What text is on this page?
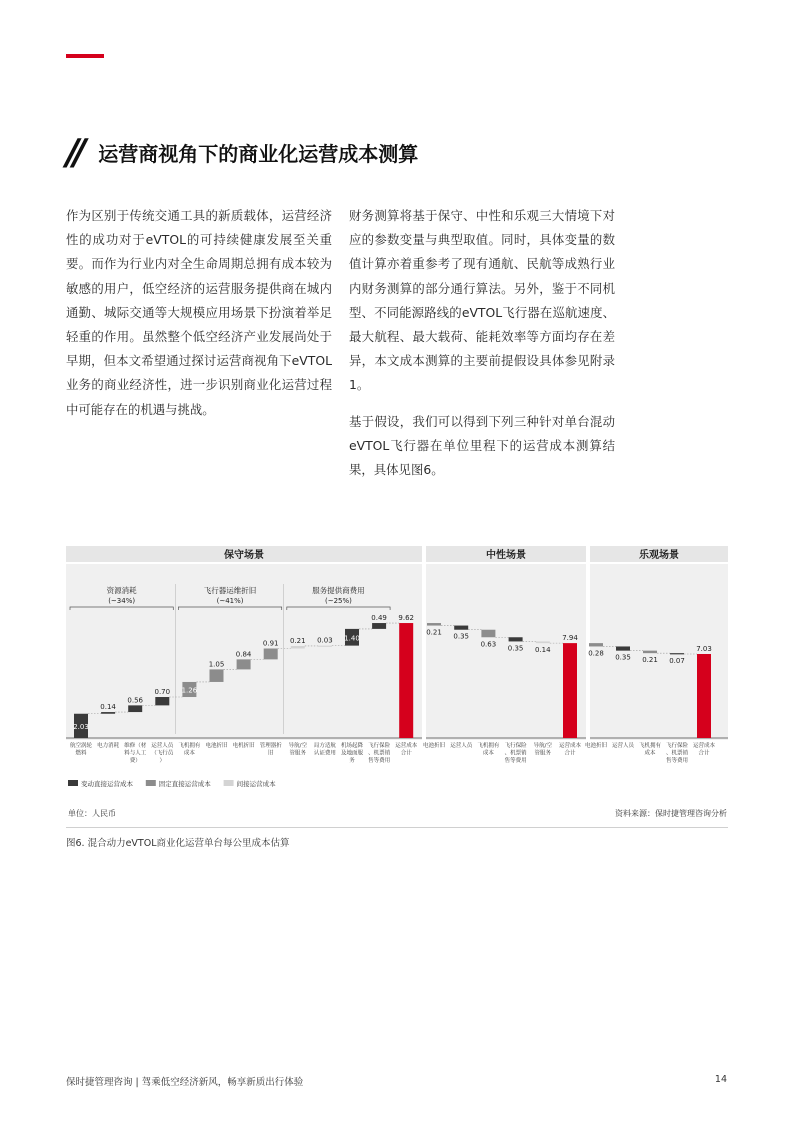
// 运营商视角下的商业化运营成本测算

作为区别于传统交通工具的新质载体，运营经济性的成功对于eVTOL的可持续健康发展至关重要。而作为行业内对全生命周期总拥有成本较为敏感的用户，低空经济的运营服务提供商在城内通勤、城际交通等大规模应用场景下扮演着举足轻重的作用。虽然整个低空经济产业发展尚处于早期，但本文希望通过探讨运营商视角下eVTOL业务的商业经济性，进一步识别商业化运营过程中可能存在的机遇与挑战。

财务测算将基于保守、中性和乐观三大情境下对应的参数变量与典型取值。同时，具体变量的数值计算亦着重参考了现有通航、民航等成熟行业内财务测算的部分通行算法。另外，鉴于不同机型、不同能源路线的eVTOL飞行器在巡航速度、最大航程、最大载荷、能耗效率等方面均存在差异，本文成本测算的主要前提假设具体参见附录1。

基于假设，我们可以得到下列三种针对单台混动eVTOL飞行器在单位里程下的运营成本测算结果，具体见图6。

保守场景
2.03
航空涡轮
燃料
0.14
电力消耗
0.56
维修（材
料与人工
费）
0.70
运营人员
（飞行员
）
1.26
飞机拥有
成本
1.05
电池折旧
0.84
电机折旧
0.91
管理器折
旧
0.21
导航/空
管服务
0.03
局方适航
认证费用
1.40
机场起降
及地面服
务
0.49
飞行保险
、机票销
售等费用
9.62
运营成本
合计
中性场景
0.21
电池折旧
0.35
运营人员
0.63
飞机拥有
成本
0.35
飞行保险
、机票销
售等费用
0.14
导航/空
管服务
7.94
运营成本
合计
乐观场景
0.28
电池折旧
0.35
运营人员
0.21
飞机拥有
成本
0.07
飞行保险
、机票销
售等费用
7.03
运营成本
合计
资源消耗
(~34%)
飞行器运维折旧
(~41%)
服务提供商费用
(~25%)
变动直接运营成本	固定直接运营成本	间接运营成本
单位：人民币	资料来源：保时捷管理咨询分析
图6. 混合动力eVTOL商业化运营单台每公里成本估算
保时捷管理咨询 | 驾乘低空经济新风，畅享新质出行体验	14
